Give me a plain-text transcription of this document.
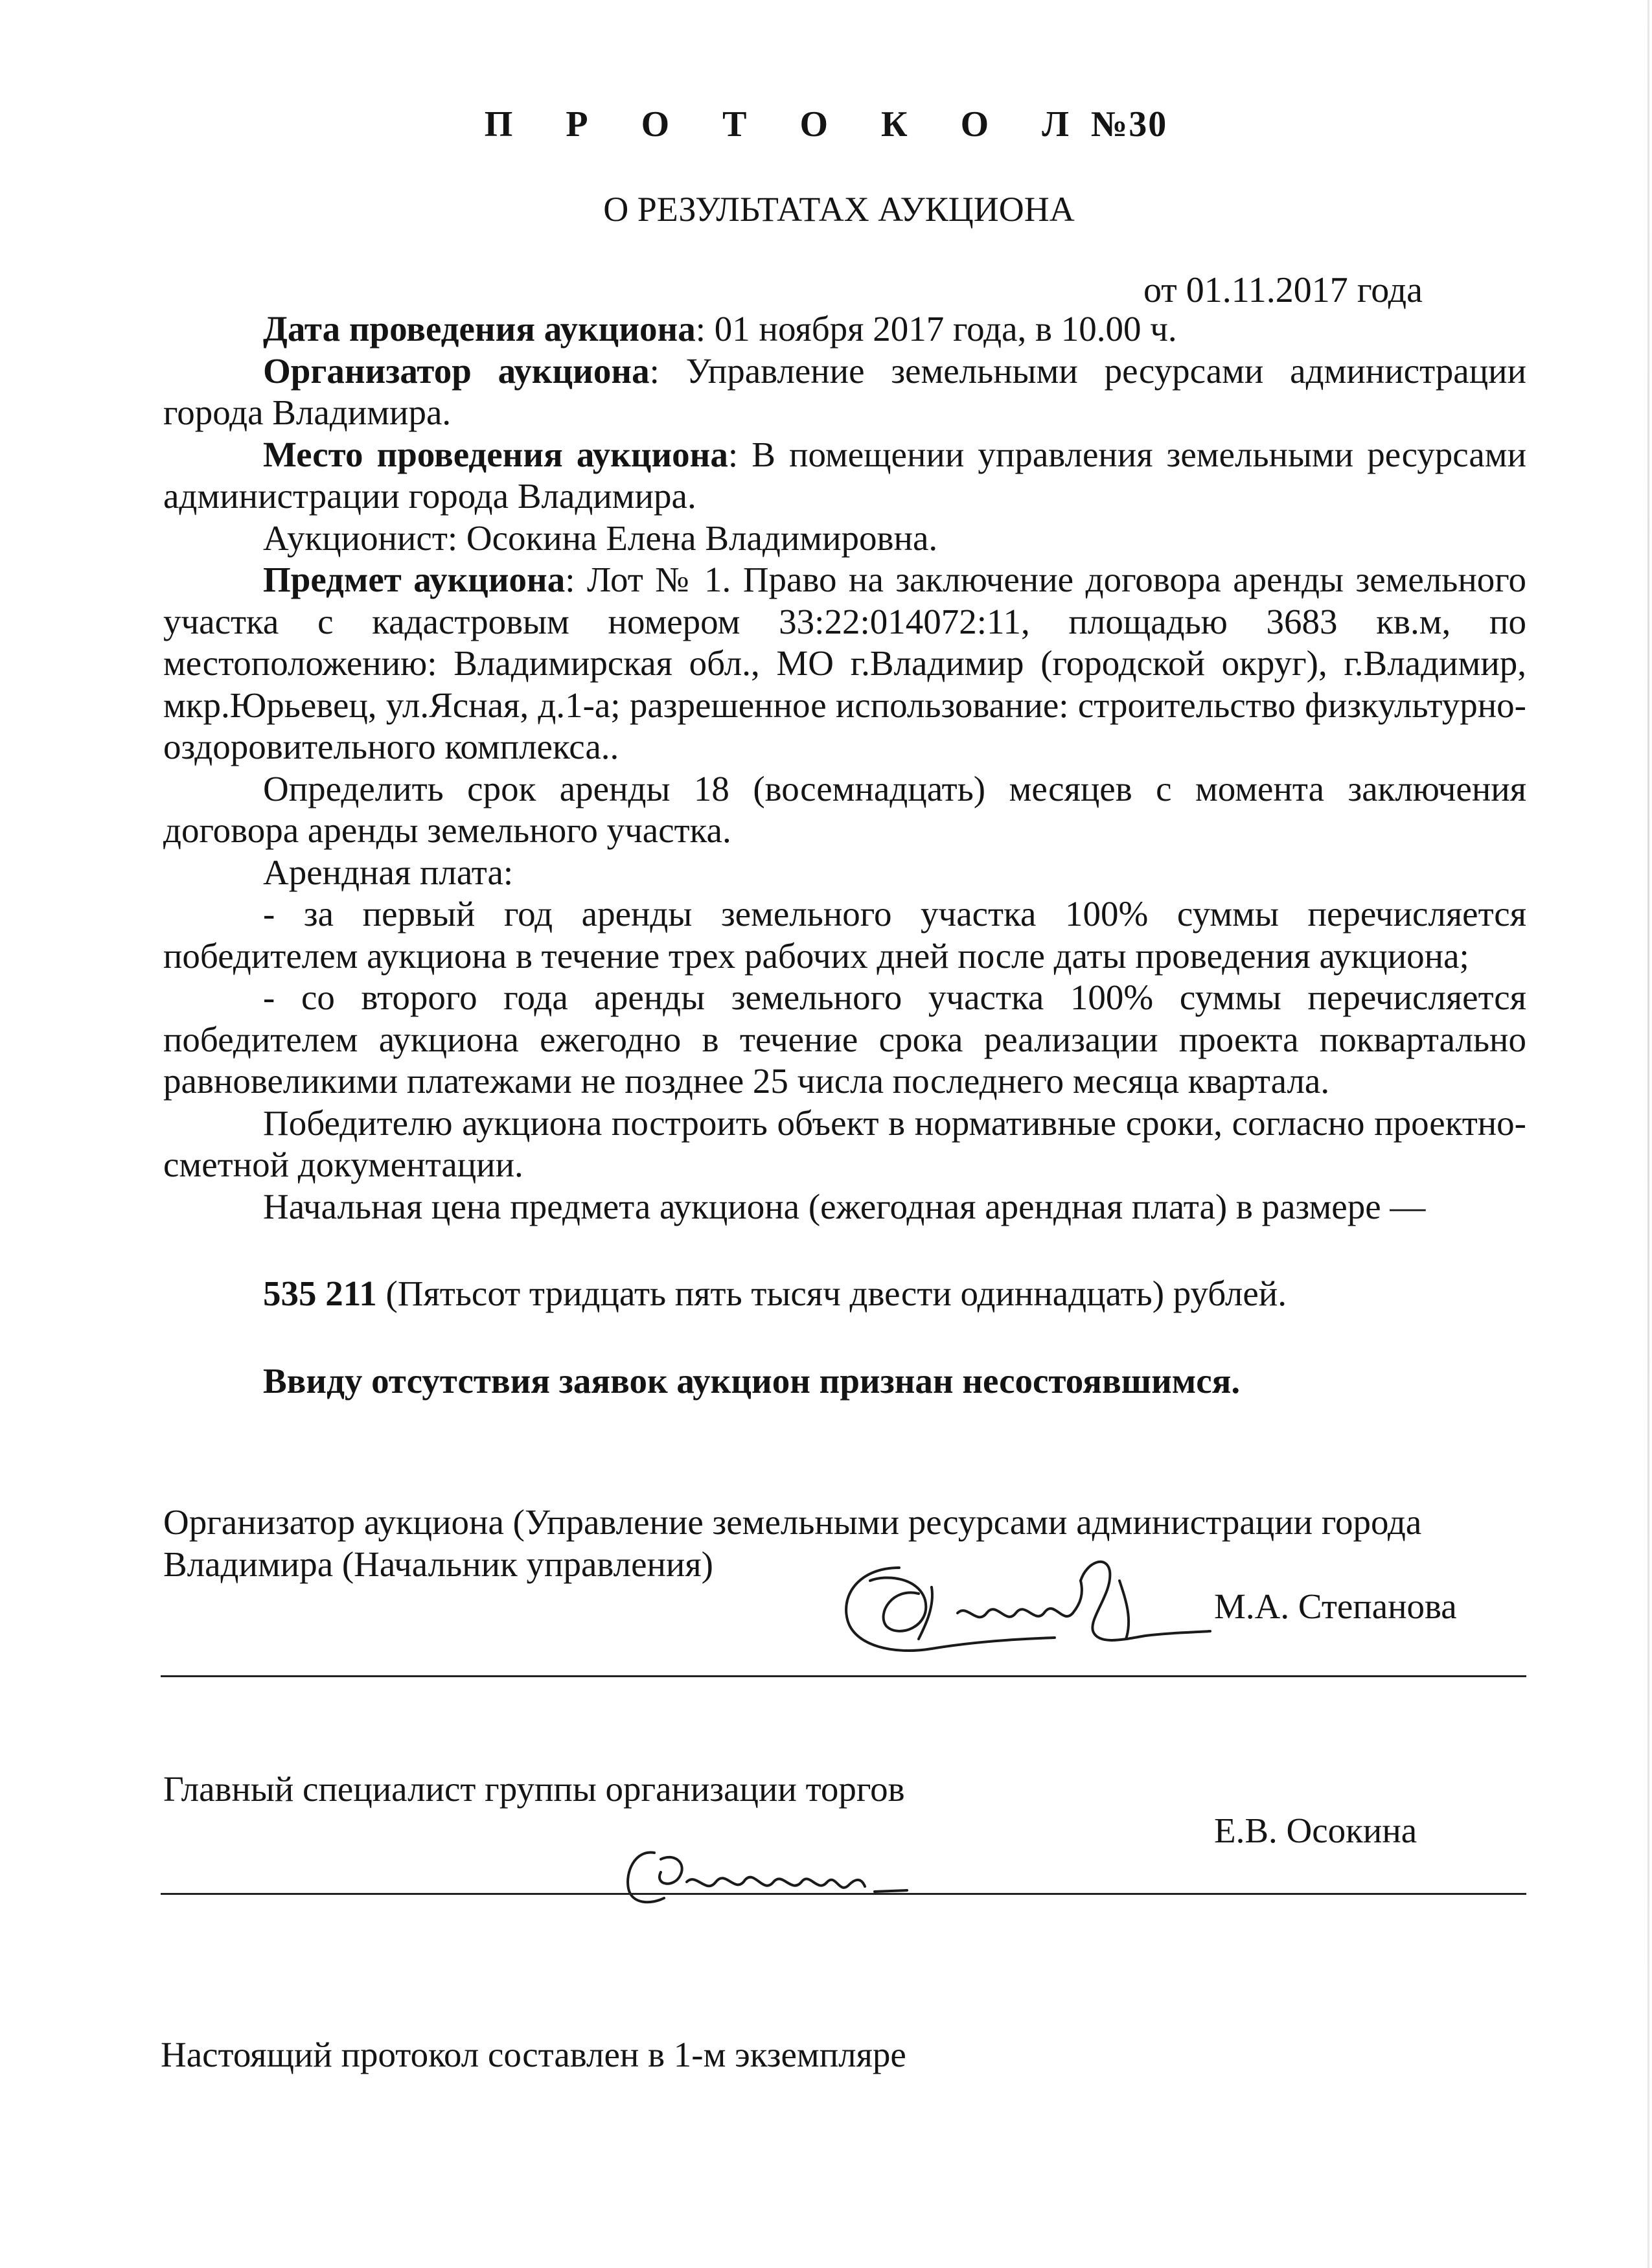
П Р О Т О К О Л№30
О РЕЗУЛЬТАТАХ АУКЦИОНА
от 01.11.2017 года

Дата проведения аукциона: 01 ноября 2017 года, в 10.00 ч.

Организатор аукциона: Управление земельными ресурсами администрации города Владимира.

Место проведения аукциона: В помещении управления земельными ресурсами администрации города Владимира.

Аукционист: Осокина Елена Владимировна.

Предмет аукциона: Лот № 1. Право на заключение договора аренды земельного участка с кадастровым номером 33:22:014072:11, площадью 3683 кв.м, по местоположению: Владимирская обл., МО г.Владимир (городской округ), г.Владимир, мкр.Юрьевец, ул.Ясная, д.1-а; разрешенное использование: строительство физкультурно-оздоровительного комплекса..

Определить срок аренды 18 (восемнадцать) месяцев с момента заключения договора аренды земельного участка.

Арендная плата:

- за первый год аренды земельного участка 100% суммы перечисляется победителем аукциона в течение трех рабочих дней после даты проведения аукциона;

- со второго года аренды земельного участка 100% суммы перечисляется победителем аукциона ежегодно в течение срока реализации проекта поквартально равновеликими платежами не позднее 25 числа последнего месяца квартала.

Победителю аукциона построить объект в нормативные сроки, согласно проектно-сметной документации.

Начальная цена предмета аукциона (ежегодная арендная плата) в размере —

535 211 (Пятьсот тридцать пять тысяч двести одиннадцать) рублей.

Ввиду отсутствия заявок аукцион признан несостоявшимся.

Организатор аукциона (Управление земельными ресурсами администрации города Владимира (Начальник управления)
М.А. Степанова
Главный специалист группы организации торгов
Е.В. Осокина
Настоящий протокол составлен в 1-м экземпляре
